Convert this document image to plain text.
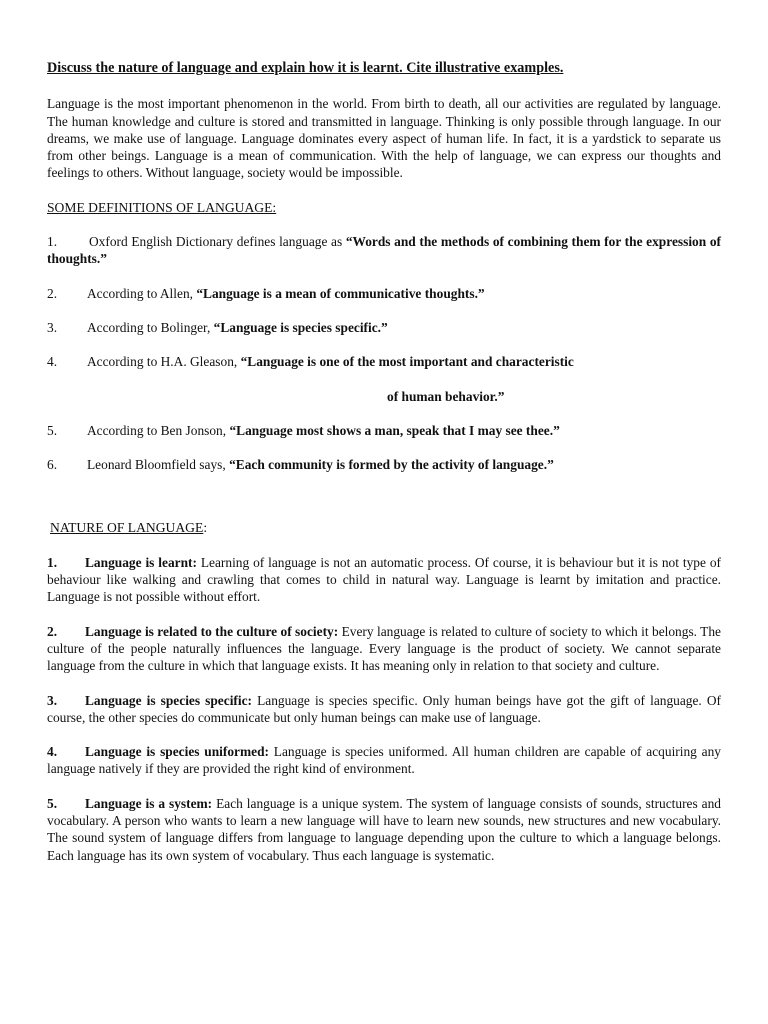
Discuss the nature of language and explain how it is learnt. Cite illustrative examples.

Language is the most important phenomenon in the world. From birth to death, all our activities are regulated by language. The human knowledge and culture is stored and transmitted in language. Thinking is only possible through language. In our dreams, we make use of language. Language dominates every aspect of human life. In fact, it is a yardstick to separate us from other beings. Language is a mean of communication. With the help of language, we can express our thoughts and feelings to others. Without language, society would be impossible.

SOME DEFINITIONS OF LANGUAGE:

1. Oxford English Dictionary defines language as “Words and the methods of combining them for the expression of thoughts.”

2. According to Allen, “Language is a mean of communicative thoughts.”

3. According to Bolinger, “Language is species specific.”

4. According to H.A. Gleason, “Language is one of the most important and characteristic

of human behavior.”

5. According to Ben Jonson, “Language most shows a man, speak that I may see thee.”

6. Leonard Bloomfield says, “Each community is formed by the activity of language.”

NATURE OF LANGUAGE:

1. Language is learnt: Learning of language is not an automatic process. Of course, it is behaviour but it is not type of behaviour like walking and crawling that comes to child in natural way. Language is learnt by imitation and practice. Language is not possible without effort.

2. Language is related to the culture of society: Every language is related to culture of society to which it belongs. The culture of the people naturally influences the language. Every language is the product of society. We cannot separate language from the culture in which that language exists. It has meaning only in relation to that society and culture.

3. Language is species specific: Language is species specific. Only human beings have got the gift of language. Of course, the other species do communicate but only human beings can make use of language.

4. Language is species uniformed: Language is species uniformed. All human children are capable of acquiring any language natively if they are provided the right kind of environment.

5. Language is a system: Each language is a unique system. The system of language consists of sounds, structures and vocabulary. A person who wants to learn a new language will have to learn new sounds, new structures and new vocabulary. The sound system of language differs from language to language depending upon the culture to which a language belongs. Each language has its own system of vocabulary. Thus each language is systematic.
